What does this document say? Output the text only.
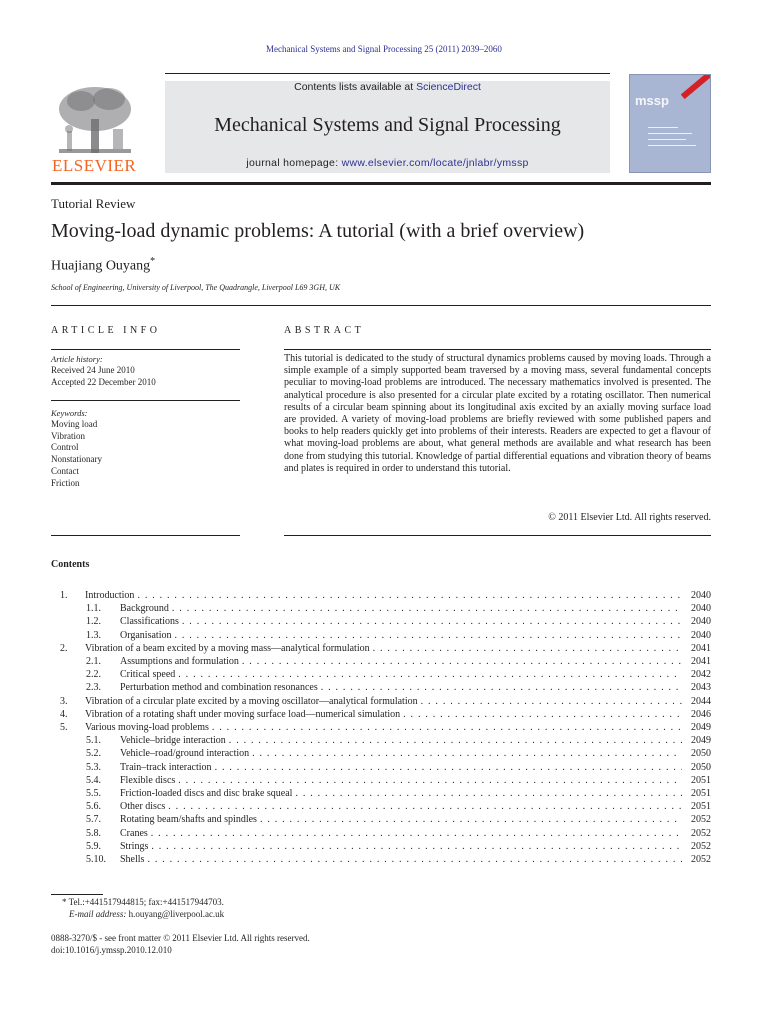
Mechanical Systems and Signal Processing 25 (2011) 2039–2060
ELSEVIER
Contents lists available at ScienceDirect
Mechanical Systems and Signal Processing
journal homepage: www.elsevier.com/locate/jnlabr/ymssp
mssp
Tutorial Review
Moving-load dynamic problems: A tutorial (with a brief overview)
Huajiang Ouyang*
School of Engineering, University of Liverpool, The Quadrangle, Liverpool L69 3GH, UK
ARTICLE INFO	ABSTRACT
Article history:
Received 24 June 2010
Accepted 22 December 2010
Keywords:
Moving load
Vibration
Control
Nonstationary
Contact
Friction
This tutorial is dedicated to the study of structural dynamics problems caused by moving loads. Through a simple example of a simply supported beam traversed by a moving mass, several fundamental concepts peculiar to moving-load problems are introduced. The necessary mathematics involved is presented. The analytical procedure is also presented for a circular plate excited by a rotating oscillator. Then numerical results of a circular beam spinning about its longitudinal axis excited by an axially moving surface load are provided. A variety of moving-load problems are briefly reviewed with some published papers and books to help readers quickly get into problems of their interests. Readers are expected to get a flavour of what moving-load problems are about, what general methods are available and what research has been done from studying this tutorial. Knowledge of partial differential equations and vibration theory of beams and plates is required in order to understand this tutorial.
© 2011 Elsevier Ltd. All rights reserved.
Contents
1.	Introduction . . .	2040
1.1.	Background . . .	2040
1.2.	Classifications . . .	2040
1.3.	Organisation . . .	2040
2.	Vibration of a beam excited by a moving mass—analytical formulation . . .	2041
2.1.	Assumptions and formulation . . .	2041
2.2.	Critical speed . . .	2042
2.3.	Perturbation method and combination resonances . . .	2043
3.	Vibration of a circular plate excited by a moving oscillator—analytical formulation . . .	2044
4.	Vibration of a rotating shaft under moving surface load—numerical simulation . . .	2046
5.	Various moving-load problems . . .	2049
5.1.	Vehicle–bridge interaction . . .	2049
5.2.	Vehicle–road/ground interaction . . .	2050
5.3.	Train–track interaction . . .	2050
5.4.	Flexible discs . . .	2051
5.5.	Friction-loaded discs and disc brake squeal . . .	2051
5.6.	Other discs . . .	2051
5.7.	Rotating beam/shafts and spindles . . .	2052
5.8.	Cranes . . .	2052
5.9.	Strings . . .	2052
5.10.	Shells . . .	2052
* Tel.:+441517944815; fax:+441517944703.
E-mail address: h.ouyang@liverpool.ac.uk
0888-3270/$ - see front matter © 2011 Elsevier Ltd. All rights reserved.
doi:10.1016/j.ymssp.2010.12.010
